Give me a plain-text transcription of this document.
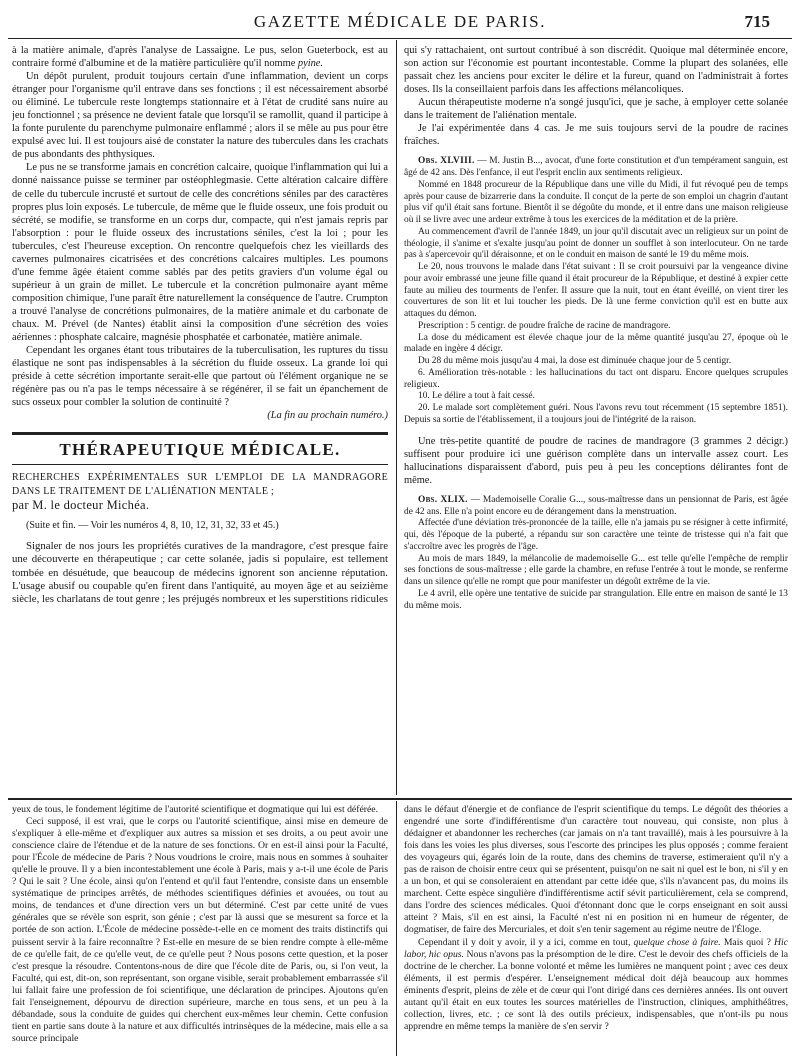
GAZETTE MÉDICALE DE PARIS.	715

à la matière animale, d'après l'analyse de Lassaigne. Le pus, selon Gueterbock, est au contraire formé d'albumine et de la matière particulière qu'il nomme pyine.

Un dépôt purulent, produit toujours certain d'une inflammation, devient un corps étranger pour l'organisme qu'il entrave dans ses fonctions ; il est nécessairement absorbé ou éliminé. Le tubercule reste longtemps stationnaire et à l'état de crudité sans nuire au jeu fonctionnel ; sa présence ne devient fatale que lorsqu'il se ramollit, quand il participe à la fonte purulente du parenchyme pulmonaire enflammé ; alors il se mêle au pus pour être expulsé avec lui. Il est toujours aisé de constater la nature des tubercules dans les crachats de pus abondants des phthysiques.

Le pus ne se transforme jamais en concrétion calcaire, quoique l'inflammation qui lui a donné naissance puisse se terminer par ostéophlegmasie. Cette altération calcaire diffère de celle du tubercule incrusté et surtout de celle des concrétions séniles par des caractères propres plus loin exposés. Le tubercule, de même que le fluide osseux, une fois produit ou sécrété, se modifie, se transforme en un corps dur, compacte, qui n'est jamais repris par l'absorption : pour le fluide osseux des incrustations séniles, c'est la loi ; pour les tubercules, c'est l'heureuse exception. On rencontre quelquefois chez les vieillards des cavernes pulmonaires cicatrisées et des concrétions calcaires multiples. Les poumons d'une femme âgée étaient comme sablés par des petits graviers d'un volume égal ou supérieur à un grain de millet. Le tubercule et la concrétion pulmonaire ayant même composition chimique, l'une paraît être naturellement la conséquence de l'autre. Crumpton a trouvé l'analyse de concrétions pulmonaires, de la matière animale et du carbonate de chaux. M. Prével (de Nantes) établit ainsi la composition d'une sécrétion des voies aériennes : phosphate calcaire, magnésie phosphatée et carbonatée, matière animale.

Cependant les organes étant tous tributaires de la tuberculisation, les ruptures du tissu élastique ne sont pas indispensables à la sécrétion du fluide osseux. La grande loi qui préside à cette sécrétion importante serait-elle que partout où l'élément organique ne se régénère pas ou n'a pas le temps nécessaire à se régénérer, il se fait un épanchement de sucs osseux pour combler la solution de continuité ?

(La fin au prochain numéro.)

THÉRAPEUTIQUE MÉDICALE.
RECHERCHES EXPÉRIMENTALES SUR L'EMPLOI DE LA MANDRAGORE DANS LE TRAITEMENT DE L'ALIÉNATION MENTALE ;
par M. le docteur Michéa.
(Suite et fin. — Voir les numéros 4, 8, 10, 12, 31, 32, 33 et 45.)

Signaler de nos jours les propriétés curatives de la mandragore, c'est presque faire une découverte en thérapeutique ; car cette solanée, jadis si populaire, est tellement tombée en désuétude, que beaucoup de médecins ignorent son ancienne réputation. L'usage abusif ou coupable qu'en firent dans l'antiquité, au moyen âge et au seizième siècle, les charlatans de tout genre ; les préjugés nombreux et les superstitions ridicules

qui s'y rattachaient, ont surtout contribué à son discrédit. Quoique mal déterminée encore, son action sur l'économie est pourtant incontestable. Comme la plupart des solanées, elle passait chez les anciens pour exciter le délire et la fureur, quand on l'administrait à fortes doses. Ils la conseillaient parfois dans les affections mélancoliques.

Aucun thérapeutiste moderne n'a songé jusqu'ici, que je sache, à employer cette solanée dans le traitement de l'aliénation mentale.

Je l'ai expérimentée dans 4 cas. Je me suis toujours servi de la poudre de racines fraîches.

Obs. XLVIII. — M. Justin B..., avocat, d'une forte constitution et d'un tempérament sanguin, est âgé de 42 ans. Dès l'enfance, il eut l'esprit enclin aux sentiments religieux.

Nommé en 1848 procureur de la République dans une ville du Midi, il fut révoqué peu de temps après pour cause de bizarrerie dans la conduite. Il conçut de la perte de son emploi un chagrin d'autant plus vif qu'il était sans fortune. Bientôt il se dégoûte du monde, et il entre dans une maison religieuse où il se livre avec une ardeur extrême à tous les exercices de la méditation et de la prière.

Au commencement d'avril de l'année 1849, un jour qu'il discutait avec un religieux sur un point de théologie, il s'anime et s'exalte jusqu'au point de donner un soufflet à son interlocuteur. On ne tarde pas à s'apercevoir qu'il déraisonne, et on le conduit en maison de santé le 19 du même mois.

Le 20, nous trouvons le malade dans l'état suivant : Il se croit poursuivi par la vengeance divine pour avoir embrassé une jeune fille quand il était procureur de la République, et destiné à expier cette faute au milieu des tourments de l'enfer. Il assure que la nuit, tout en étant éveillé, on vient tirer les couvertures de son lit et lui toucher les pieds. De là une ferme conviction qu'il est en butte aux attaques du démon.

Prescription : 5 centigr. de poudre fraîche de racine de mandragore.

La dose du médicament est élevée chaque jour de la même quantité jusqu'au 27, époque où le malade en ingère 4 décigr.

Du 28 du même mois jusqu'au 4 mai, la dose est diminuée chaque jour de 5 centigr.

6. Amélioration très-notable : les hallucinations du tact ont disparu. Encore quelques scrupules religieux.

10. Le délire a tout à fait cessé.

20. Le malade sort complètement guéri. Nous l'avons revu tout récemment (15 septembre 1851). Depuis sa sortie de l'établissement, il a toujours joui de l'intégrité de la raison.

Une très-petite quantité de poudre de racines de mandragore (3 grammes 2 décigr.) suffisent pour produire ici une guérison complète dans un intervalle assez court. Les hallucinations disparaissent d'abord, puis peu à peu les conceptions délirantes font de même.

Obs. XLIX. — Mademoiselle Coralie G..., sous-maîtresse dans un pensionnat de Paris, est âgée de 42 ans. Elle n'a point encore eu de dérangement dans la menstruation.

Affectée d'une déviation très-prononcée de la taille, elle n'a jamais pu se résigner à cette infirmité, qui, dès l'époque de la puberté, a répandu sur son caractère une teinte de tristesse qui n'a fait que s'accroître avec les progrès de l'âge.

Au mois de mars 1849, la mélancolie de mademoiselle G... est telle qu'elle l'empêche de remplir ses fonctions de sous-maîtresse ; elle garde la chambre, en refuse l'entrée à tout le monde, se renferme dans un silence qu'elle ne rompt que pour manifester un dégoût extrême de la vie.

Le 4 avril, elle opère une tentative de suicide par strangulation. Elle entre en maison de santé le 13 du même mois.

yeux de tous, le fondement légitime de l'autorité scientifique et dogmatique qui lui est déférée.

Ceci supposé, il est vrai, que le corps ou l'autorité scientifique, ainsi mise en demeure de s'expliquer à elle-même et d'expliquer aux autres sa mission et ses droits, a ou peut avoir une conscience claire de l'étendue et de la nature de ses fonctions. Or en est-il ainsi pour la Faculté, pour l'École de médecine de Paris ? Nous voudrions le croire, mais nous en sommes à souhaiter qu'elle le prouve. Il y a bien incontestablement une école à Paris, mais y a-t-il une école de Paris ? Qui le sait ? Une école, ainsi qu'on l'entend et qu'il faut l'entendre, consiste dans un ensemble systématique de principes arrêtés, de méthodes scientifiques définies et avouées, ou tout au moins, de tendances et d'une direction vers un but déterminé. C'est par cette unité de vues générales que se révèle son esprit, son génie ; c'est par là aussi que se mesurent sa force et la portée de son action. L'École de médecine possède-t-elle en ce moment des traits distinctifs qui puissent servir à la faire reconnaître ? Est-elle en mesure de se bien rendre compte à elle-même de ce qu'elle fait, de ce qu'elle veut, de ce qu'elle peut ? Nous posons cette question, et la poser c'est presque la résoudre. Contentons-nous de dire que l'école dite de Paris, ou, si l'on veut, la Faculté, qui est, dit-on, son représentant, son organe visible, serait probablement embarrassée s'il lui fallait faire une profession de foi scientifique, une déclaration de principes. Ajoutons qu'en fait l'enseignement, dépourvu de direction supérieure, marche en tous sens, et un peu à la débandade, sous la conduite de guides qui cherchent eux-mêmes leur chemin. Cette confusion tient en partie sans doute à la nature et aux difficultés intrinsèques de la médecine, mais elle a sa source principale

dans le défaut d'énergie et de confiance de l'esprit scientifique du temps. Le dégoût des théories a engendré une sorte d'indifférentisme d'un caractère tout nouveau, qui consiste, non plus à dédaigner et abandonner les recherches (car jamais on n'a tant travaillé), mais à les poursuivre à la fois dans les voies les plus diverses, sous l'escorte des principes les plus opposés ; comme feraient des voyageurs qui, égarés loin de la route, dans des chemins de traverse, estimeraient qu'il n'y a pas de raison de choisir entre ceux qui se présentent, puisqu'on ne sait ni quel est le bon, ni s'il y en a un bon, et qui se consoleraient en attendant par cette idée que, s'ils n'avancent pas, du moins ils marchent. Cette espèce singulière d'indifférentisme actif sévit particulièrement, cela se comprend, dans l'ordre des sciences médicales. Quoi d'étonnant donc que le corps enseignant en soit aussi atteint ? Mais, s'il en est ainsi, la Faculté n'est ni en position ni en humeur de régenter, de dogmatiser, de faire des Mercuriales, et doit s'en tenir sagement au régime neutre de l'Éloge.

Cependant il y doit y avoir, il y a ici, comme en tout, quelque chose à faire. Mais quoi ? Hic labor, hic opus. Nous n'avons pas la présomption de le dire. C'est le devoir des chefs officiels de la doctrine de le chercher. La bonne volonté et même les lumières ne manquent point ; avec ces deux éléments, il est permis d'espérer. L'enseignement médical doit déjà beaucoup aux hommes éminents d'esprit, pleins de zèle et de cœur qui l'ont dirigé dans ces dernières années. Ils ont ouvert autant qu'il était en eux toutes les sources matérielles de l'instruction, cliniques, amphithéâtres, collection, livres, etc. ; ce sont là des outils précieux, indispensables, que n'ont-ils pu nous apprendre en même temps la manière de s'en servir ?
